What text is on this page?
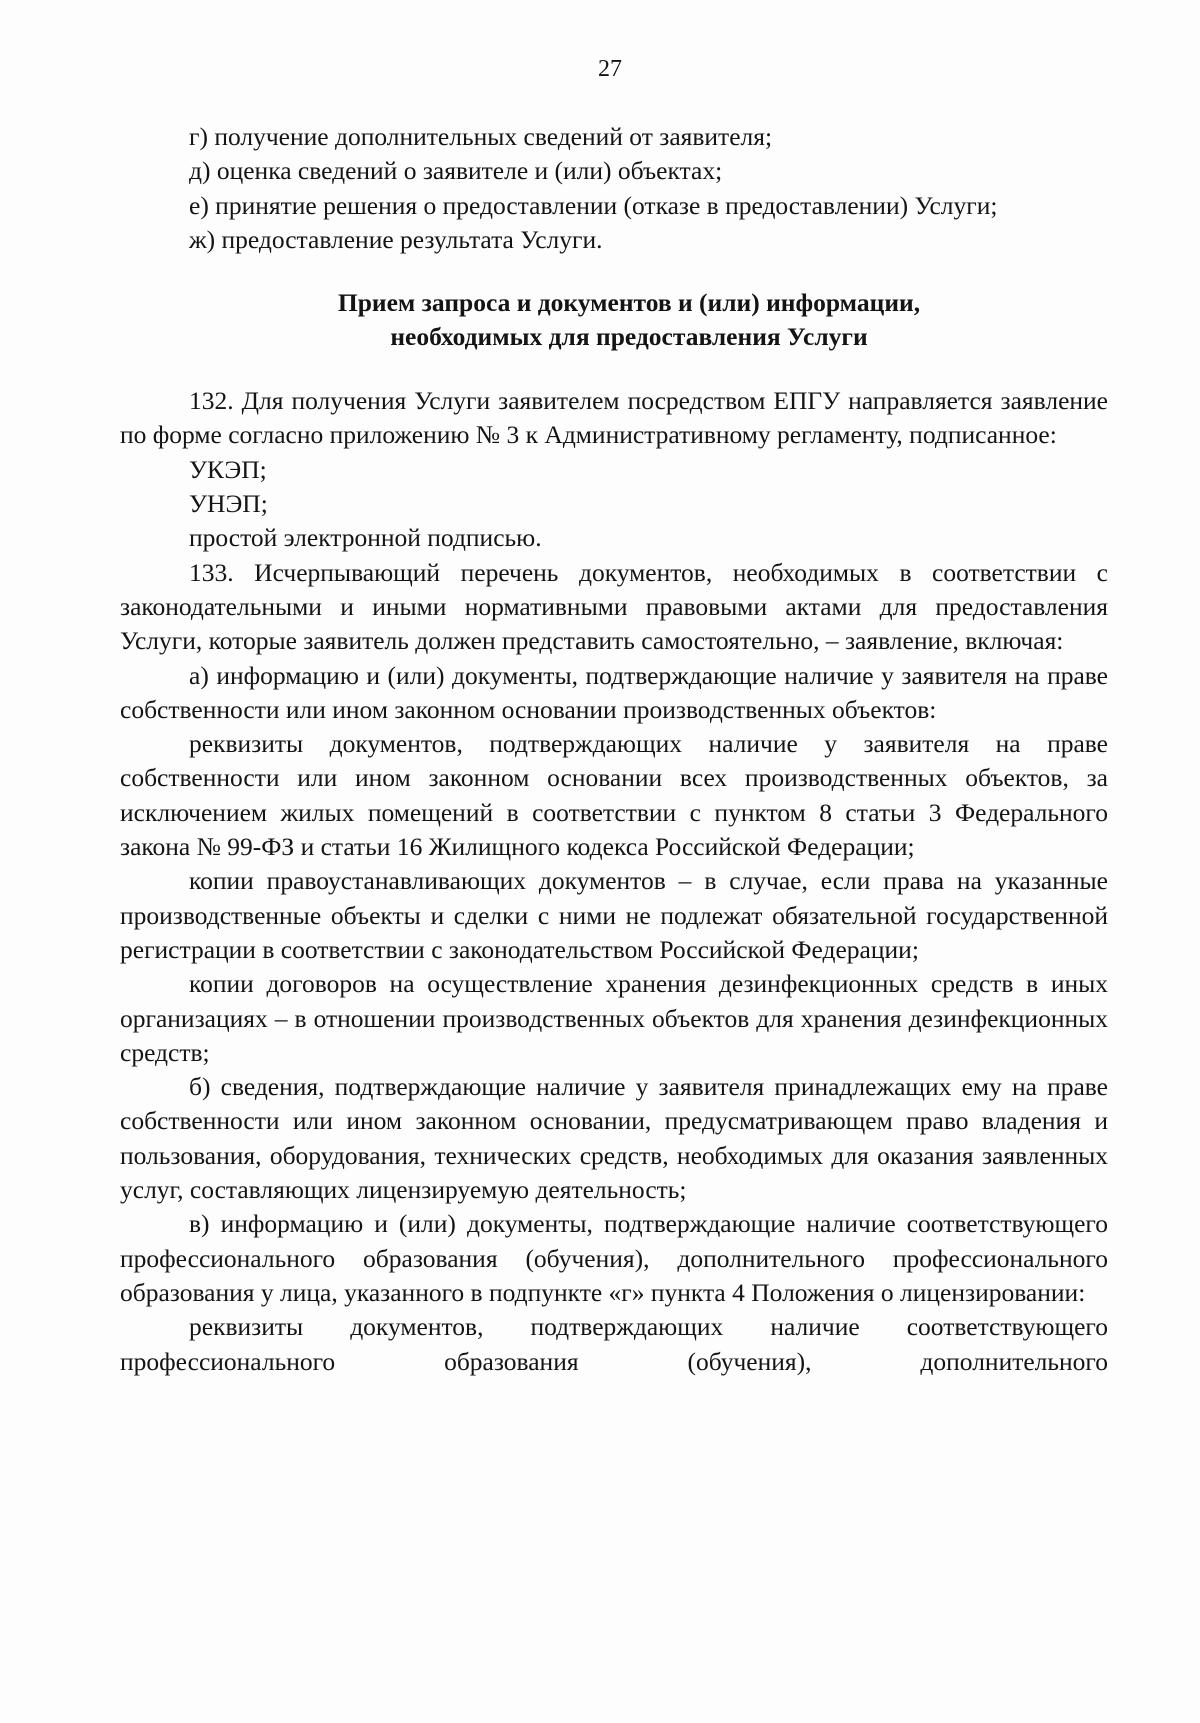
27

г) получение дополнительных сведений от заявителя;

д) оценка сведений о заявителе и (или) объектах;

е) принятие решения о предоставлении (отказе в предоставлении) Услуги;

ж) предоставление результата Услуги.

Прием запроса и документов и (или) информации,
необходимых для предоставления Услуги

132. Для получения Услуги заявителем посредством ЕПГУ направляется заявление по форме согласно приложению № 3 к Административному регламенту, подписанное:

УКЭП;

УНЭП;

простой электронной подписью.

133. Исчерпывающий перечень документов, необходимых в соответствии с законодательными и иными нормативными правовыми актами для предоставления Услуги, которые заявитель должен представить самостоятельно, – заявление, включая:

а) информацию и (или) документы, подтверждающие наличие у заявителя на праве собственности или ином законном основании производственных объектов:

реквизиты документов, подтверждающих наличие у заявителя на праве собственности или ином законном основании всех производственных объектов, за исключением жилых помещений в соответствии с пунктом 8 статьи 3 Федерального закона № 99-ФЗ и статьи 16 Жилищного кодекса Российской Федерации;

копии правоустанавливающих документов – в случае, если права на указанные производственные объекты и сделки с ними не подлежат обязательной государственной регистрации в соответствии с законодательством Российской Федерации;

копии договоров на осуществление хранения дезинфекционных средств в иных организациях – в отношении производственных объектов для хранения дезинфекционных средств;

б) сведения, подтверждающие наличие у заявителя принадлежащих ему на праве собственности или ином законном основании, предусматривающем право владения и пользования, оборудования, технических средств, необходимых для оказания заявленных услуг, составляющих лицензируемую деятельность;

в) информацию и (или) документы, подтверждающие наличие соответствующего профессионального образования (обучения), дополнительного профессионального образования у лица, указанного в подпункте «г» пункта 4 Положения о лицензировании:

реквизиты документов, подтверждающих наличие соответствующего профессионального образования (обучения), дополнительного
